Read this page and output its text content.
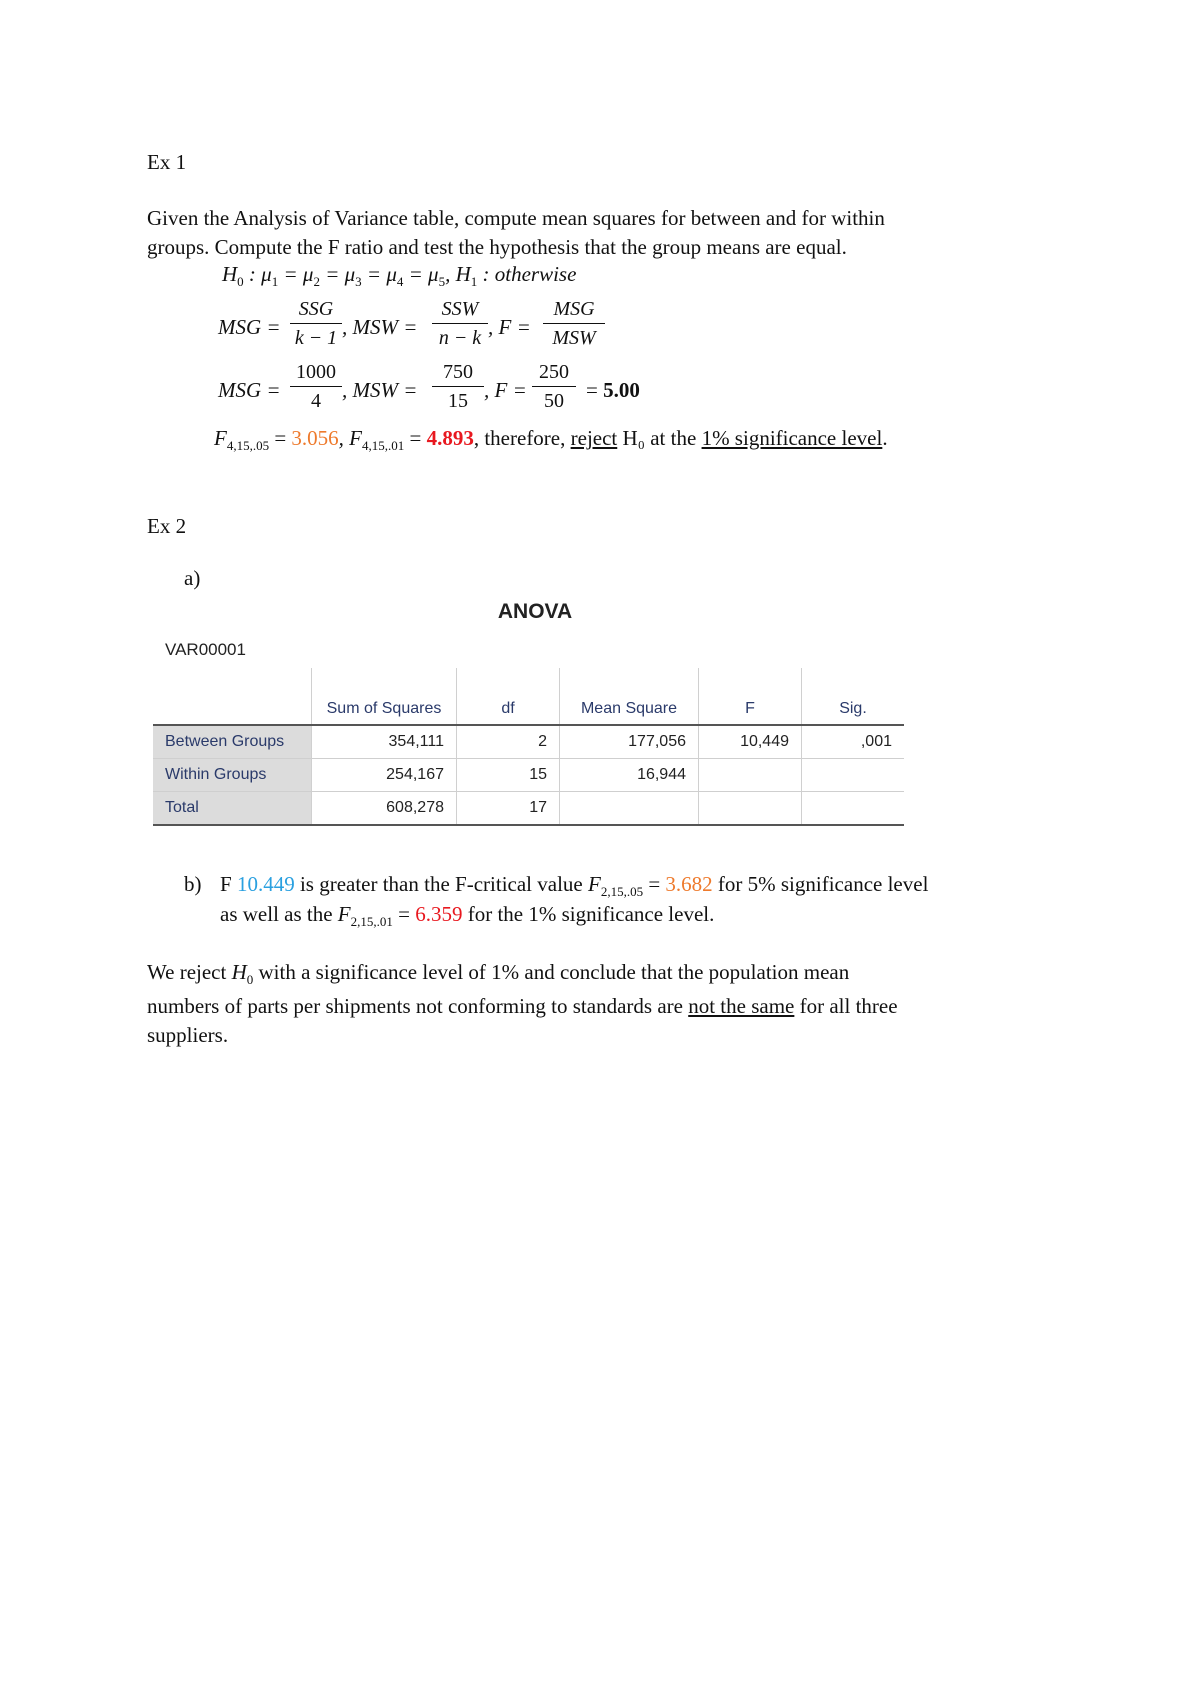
Ex 1
Given the Analysis of Variance table, compute mean squares for between and for within
groups. Compute the F ratio and test the hypothesis that the group means are equal.
$H_0$ : $\mu_1 = \mu_2 = \mu_3 = \mu_4 = \mu_5$, $H_1$ : otherwise
MSG =
SSG
k − 1 , MSW =
SSW
n − k , F =
MSG
MSW
MSG =
1000
4	, MSW =
750
15 , F =
250
50	= 5.00
$F_{4,15,.05} = 3.056$, $F_{4,15,.01} = 4.893$, therefore, reject H₀ at the 1% significance level.
Ex 2
a)
ANOVA
VAR00001
	Sum of Squares	df	Mean Square	F	Sig.
Between Groups	354,111	2	177,056	10,449	,001
Within Groups	254,167	15	16,944		
Total	608,278	17			
b) F 10.449 is greater than the F-critical value $F_{2,15,.05} = 3.682$ for 5% significance level
as well as the $F_{2,15,.01} = 6.359$ for the 1% significance level.
We reject $H_0$ with a significance level of 1% and conclude that the population mean
numbers of parts per shipments not conforming to standards are not the same for all three
suppliers.
